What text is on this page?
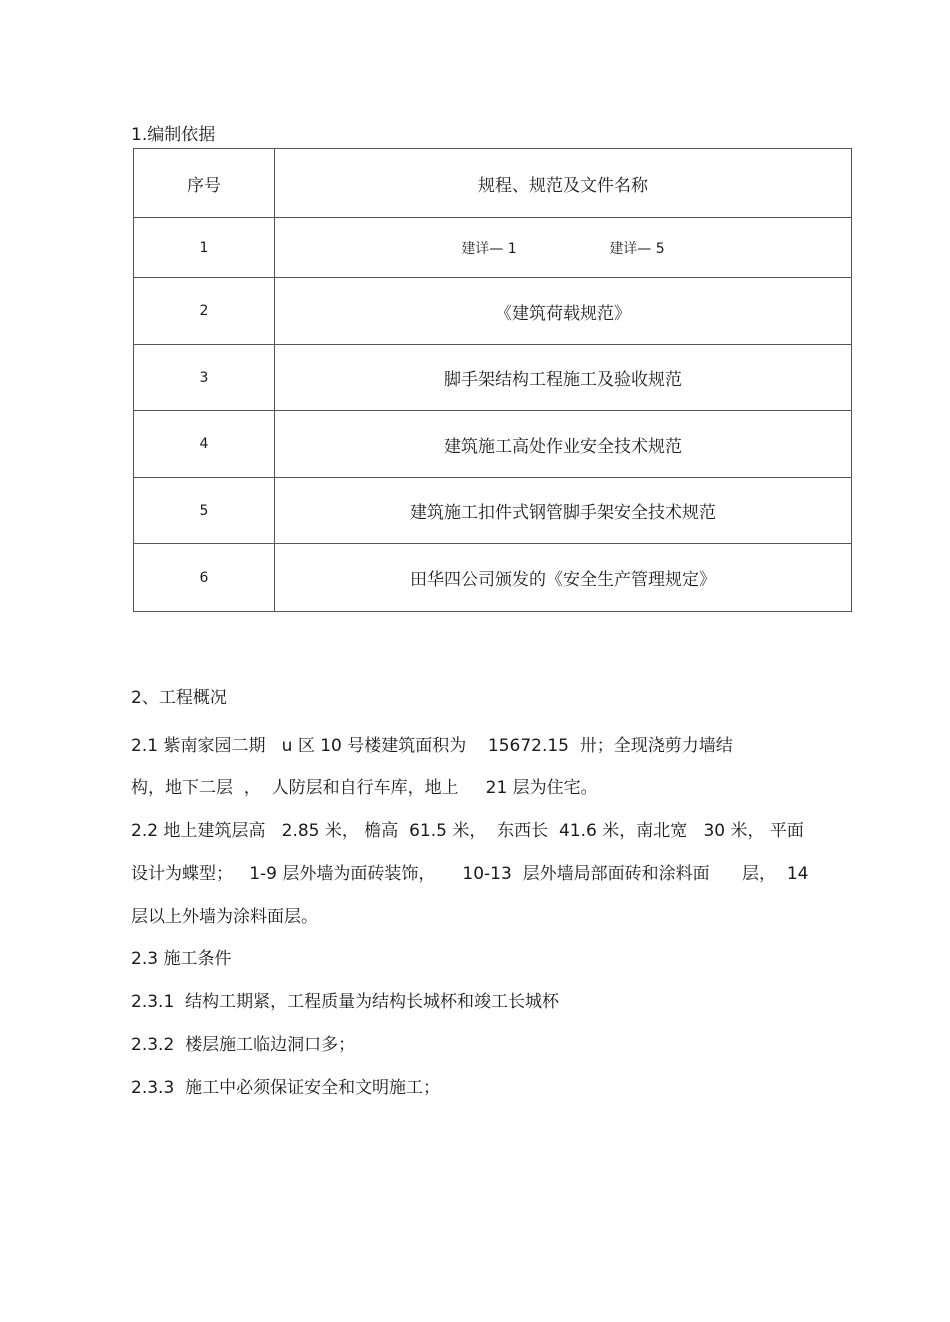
1.编制依据
序号	规程、规范及文件名称
1	建详— 1 建详— 5
2	《建筑荷载规范》
3	脚手架结构工程施工及验收规范
4	建筑施工高处作业安全技术规范
5	建筑施工扣件式钢管脚手架安全技术规范
6	田华四公司颁发的《安全生产管理规定》
2、工程概况
2.1 紫南家园二期   u 区 10 号楼建筑面积为    15672.15  卅；全现浇剪力墙结
构，地下二层  ，  人防层和自行车库，地上     21 层为住宅。
2.2 地上建筑层高   2.85 米， 檐高  61.5 米，  东西长  41.6 米，南北宽   30 米， 平面
设计为蝶型；   1-9 层外墙为面砖装饰，     10-13  层外墙局部面砖和涂料面      层，  14
层以上外墙为涂料面层。
2.3 施工条件
2.3.1  结构工期紧，工程质量为结构长城杯和竣工长城杯
2.3.2  楼层施工临边洞口多；
2.3.3  施工中必须保证安全和文明施工；
